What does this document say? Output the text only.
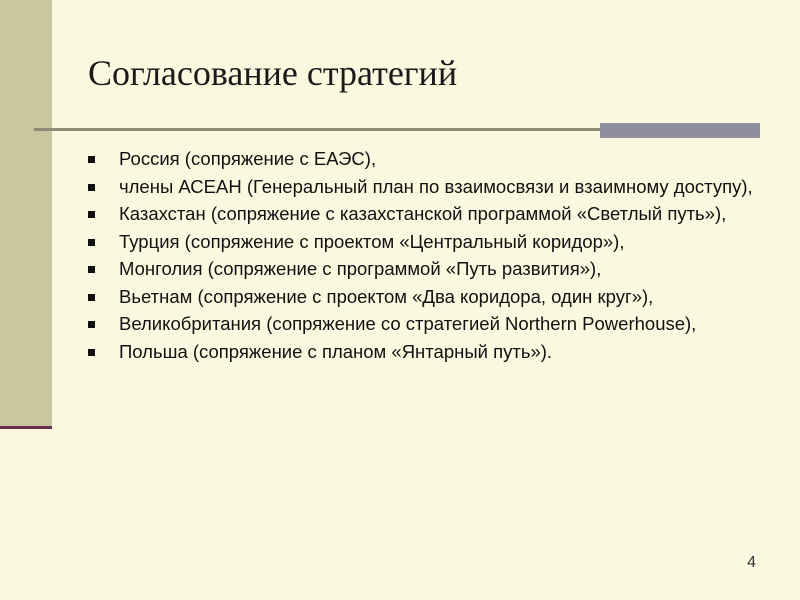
Согласование стратегий
Россия (сопряжение с ЕАЭС),
члены АСЕАН (Генеральный план по взаимосвязи и взаимному доступу),
Казахстан (сопряжение с казахстанской программой «Светлый путь»),
Турция (сопряжение с проектом «Центральный коридор»),
Монголия (сопряжение с программой «Путь развития»),
Вьетнам (сопряжение с проектом «Два коридора, один круг»),
Великобритания (сопряжение со стратегией Northern Powerhouse),
Польша (сопряжение с планом «Янтарный путь»).
4
